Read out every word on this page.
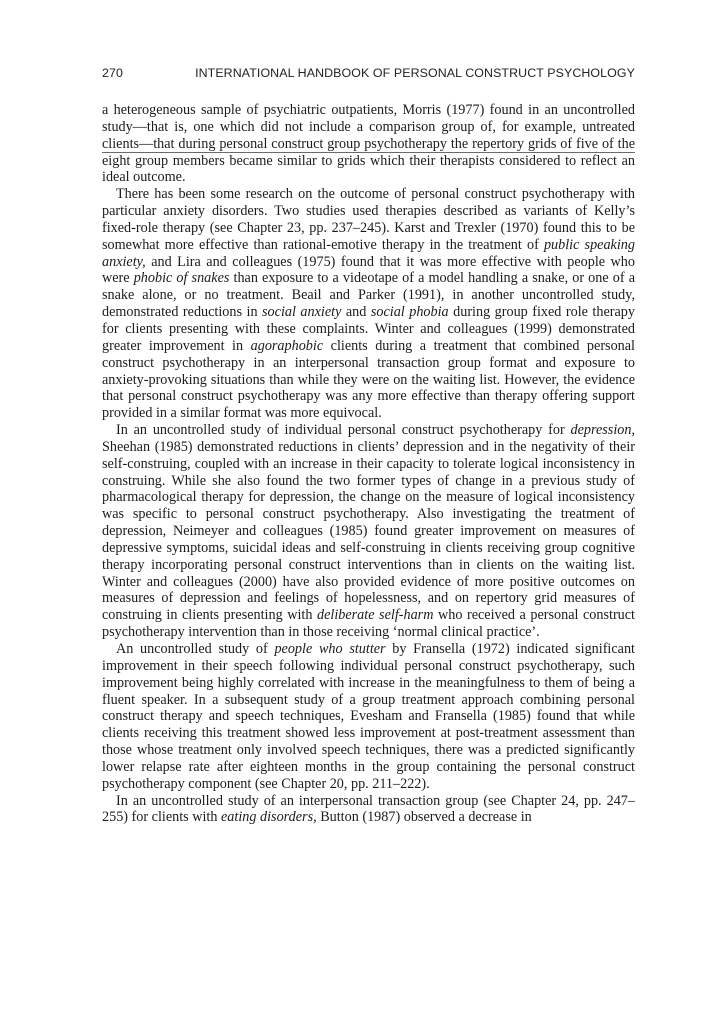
270	INTERNATIONAL HANDBOOK OF PERSONAL CONSTRUCT PSYCHOLOGY

a heterogeneous sample of psychiatric outpatients, Morris (1977) found in an uncontrolled study—that is, one which did not include a comparison group of, for example, untreated clients—that during personal construct group psychotherapy the repertory grids of five of the eight group members became similar to grids which their therapists considered to reflect an ideal outcome.

There has been some research on the outcome of personal construct psychotherapy with particular anxiety disorders. Two studies used therapies described as variants of Kelly’s fixed-role therapy (see Chapter 23, pp. 237–245). Karst and Trexler (1970) found this to be somewhat more effective than rational-emotive therapy in the treatment of public speaking anxiety, and Lira and colleagues (1975) found that it was more effective with people who were phobic of snakes than exposure to a videotape of a model handling a snake, or one of a snake alone, or no treatment. Beail and Parker (1991), in another uncontrolled study, demonstrated reductions in social anxiety and social phobia during group fixed role therapy for clients presenting with these complaints. Winter and colleagues (1999) demonstrated greater improvement in agoraphobic clients during a treatment that combined personal construct psychotherapy in an interpersonal transaction group format and exposure to anxiety-provoking situations than while they were on the waiting list. However, the evidence that personal construct psychotherapy was any more effective than therapy offering support provided in a similar format was more equivocal.

In an uncontrolled study of individual personal construct psychotherapy for depression, Sheehan (1985) demonstrated reductions in clients’ depression and in the negativity of their self-construing, coupled with an increase in their capacity to tolerate logical inconsistency in construing. While she also found the two former types of change in a previous study of pharmacological therapy for depression, the change on the measure of logical inconsistency was specific to personal construct psychotherapy. Also investigating the treatment of depression, Neimeyer and colleagues (1985) found greater improvement on measures of depressive symptoms, suicidal ideas and self-construing in clients receiving group cognitive therapy incorporating personal construct interventions than in clients on the waiting list. Winter and colleagues (2000) have also provided evidence of more positive outcomes on measures of depression and feelings of hopelessness, and on repertory grid measures of construing in clients presenting with deliberate self-harm who received a personal construct psychotherapy intervention than in those receiving ‘normal clinical practice’.

An uncontrolled study of people who stutter by Fransella (1972) indicated significant improvement in their speech following individual personal construct psychotherapy, such improvement being highly correlated with increase in the meaningfulness to them of being a fluent speaker. In a subsequent study of a group treatment approach combining personal construct therapy and speech techniques, Evesham and Fransella (1985) found that while clients receiving this treatment showed less improvement at post-treatment assessment than those whose treatment only involved speech techniques, there was a predicted significantly lower relapse rate after eighteen months in the group containing the personal construct psychotherapy component (see Chapter 20, pp. 211–222).

In an uncontrolled study of an interpersonal transaction group (see Chapter 24, pp. 247–255) for clients with eating disorders, Button (1987) observed a decrease in
